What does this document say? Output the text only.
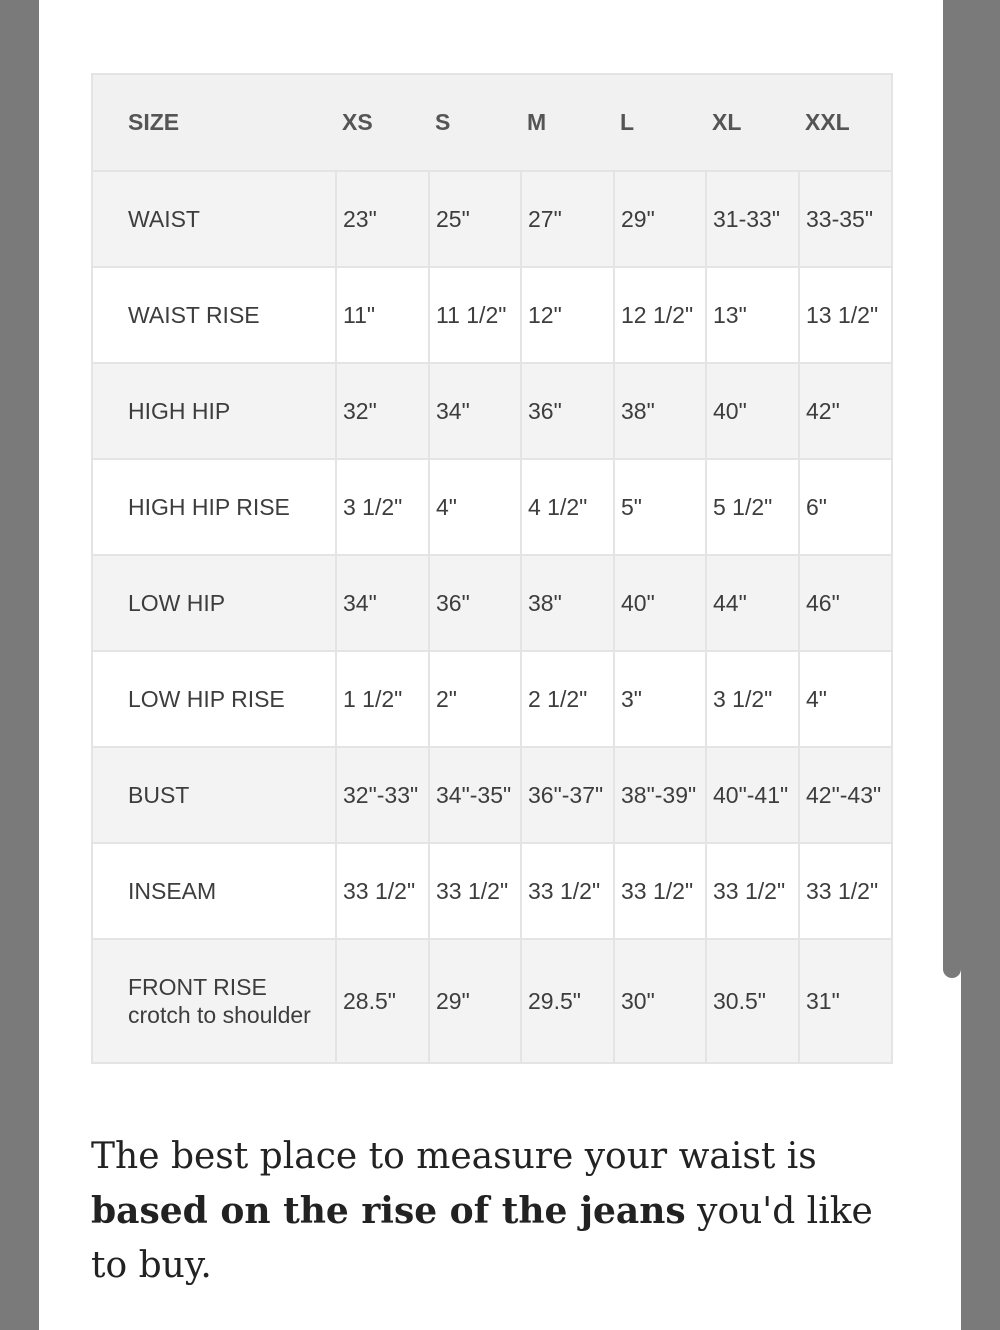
SIZE	XS	S	M	L	XL	XXL

WAIST	23"	25"	27"	29"	31-33"	33-35"

WAIST RISE	11"	11 1/2"	12"	12 1/2"	13"	13 1/2"

HIGH HIP	32"	34"	36"	38"	40"	42"

HIGH HIP RISE	3 1/2"	4"	4 1/2"	5"	5 1/2"	6"

LOW HIP	34"	36"	38"	40"	44"	46"

LOW HIP RISE	1 1/2"	2"	2 1/2"	3"	3 1/2"	4"

BUST	32"-33"	34"-35"	36"-37"	38"-39"	40"-41"	42"-43"

INSEAM	33 1/2"	33 1/2"	33 1/2"	33 1/2"	33 1/2"	33 1/2"

FRONT RISE
crotch to shoulder	28.5"	29"	29.5"	30"	30.5"	31"
The best place to measure your waist is based on the rise of the jeans you'd like to buy.
